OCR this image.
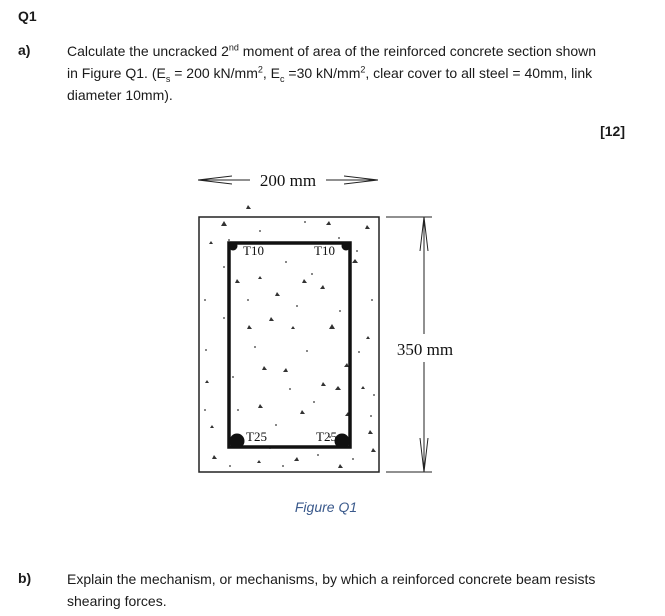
Q1
a)	Calculate the uncracked 2nd moment of area of the reinforced concrete section shown
in Figure Q1. ($E_s = 200$ $kN/mm^2$, $E_c =30$ $kN/mm^2$, clear cover to all steel = 40mm, link
diameter 10mm).
[12]
200 mm
T10	T10
T25	T25
350 mm
Figure Q1
b)	Explain the mechanism, or mechanisms, by which a reinforced concrete beam resists
shearing forces.
